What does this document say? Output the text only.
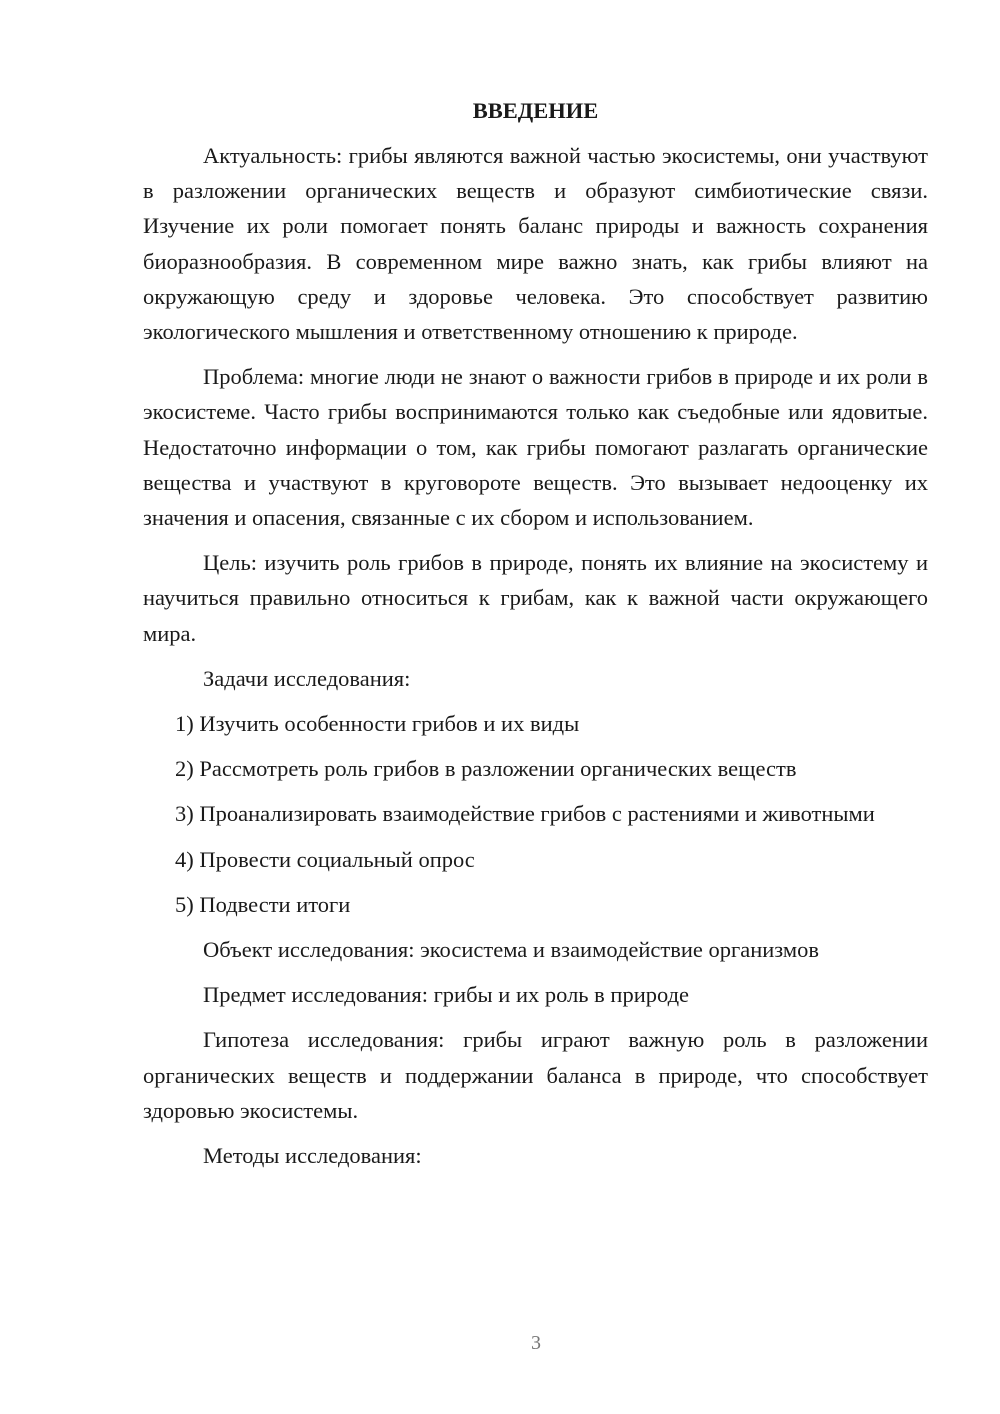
ВВЕДЕНИЕ

Актуальность: грибы являются важной частью экосистемы, они участвуют в разложении органических веществ и образуют симбиотические связи. Изучение их роли помогает понять баланс природы и важность сохранения биоразнообразия. В современном мире важно знать, как грибы влияют на окружающую среду и здоровье человека. Это способствует развитию экологического мышления и ответственному отношению к природе.

Проблема: многие люди не знают о важности грибов в природе и их роли в экосистеме. Часто грибы воспринимаются только как съедобные или ядовитые. Недостаточно информации о том, как грибы помогают разлагать органические вещества и участвуют в круговороте веществ. Это вызывает недооценку их значения и опасения, связанные с их сбором и использованием.

Цель: изучить роль грибов в природе, понять их влияние на экосистему и научиться правильно относиться к грибам, как к важной части окружающего мира.

Задачи исследования:

1) Изучить особенности грибов и их виды

2) Рассмотреть роль грибов в разложении органических веществ

3) Проанализировать взаимодействие грибов с растениями и животными

4) Провести социальный опрос

5) Подвести итоги

Объект исследования: экосистема и взаимодействие организмов

Предмет исследования: грибы и их роль в природе

Гипотеза исследования: грибы играют важную роль в разложении органических веществ и поддержании баланса в природе, что способствует здоровью экосистемы.

Методы исследования:

3
